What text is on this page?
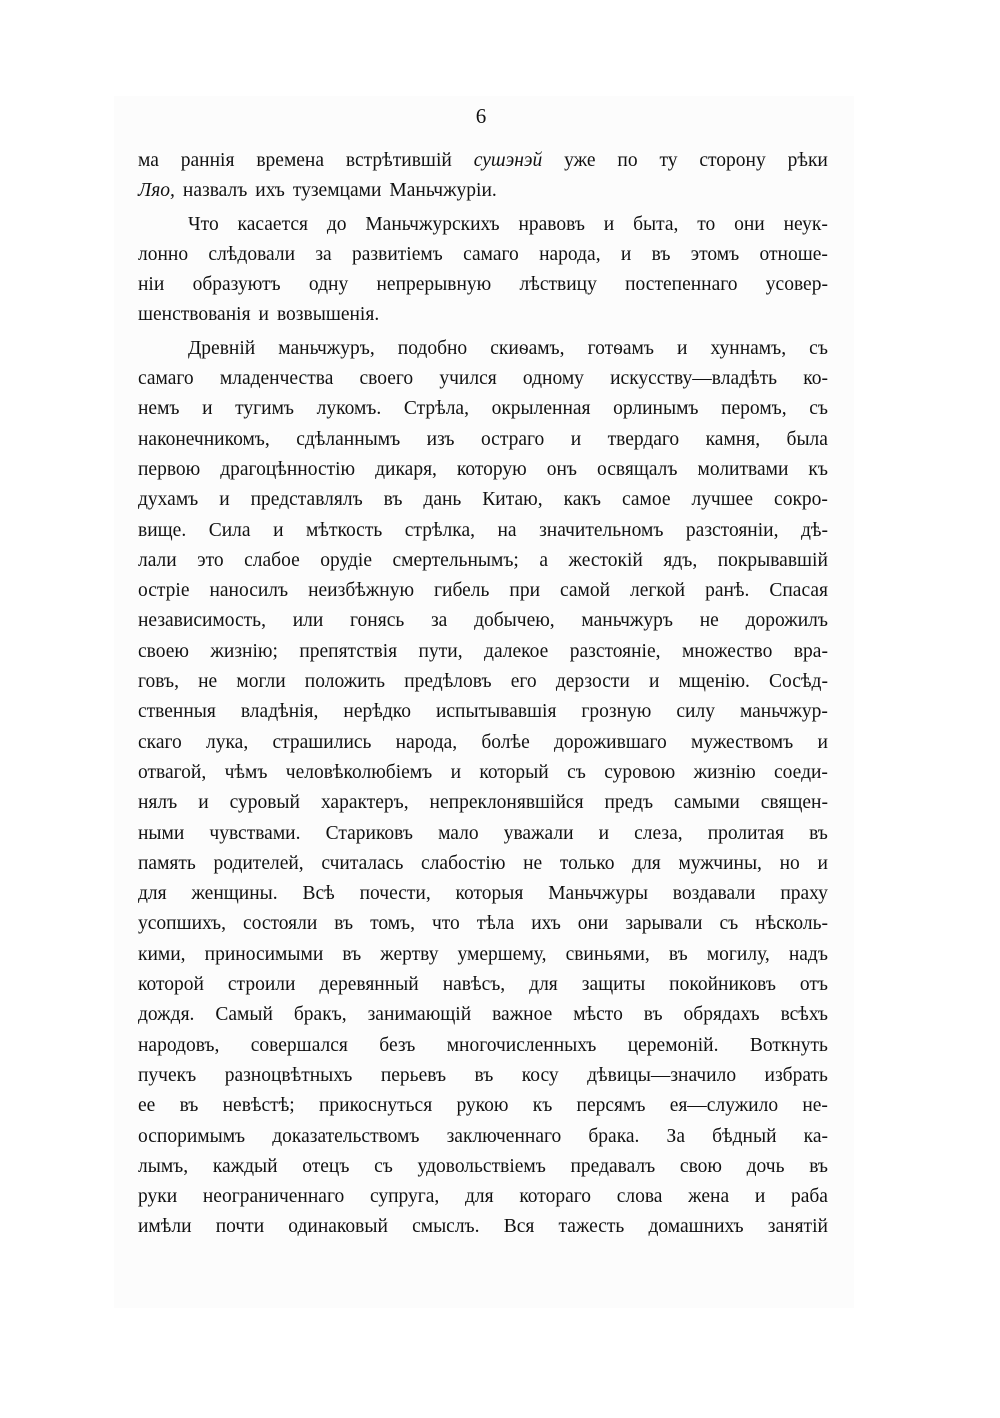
6
ма раннія времена встрѣтившій сушэнэй уже по ту сторону рѣки
Ляо, назвалъ ихъ туземцами Маньчжуріи.
Что касается до Маньчжурскихъ нравовъ и быта, то они неук-
лонно слѣдовали за развитіемъ самаго народа, и въ этомъ отноше-
ніи образуютъ одну непрерывную лѣствицу постепеннаго усовер-
шенствованія и возвышенія.
Древній маньчжуръ, подобно скиѳамъ, готѳамъ и хуннамъ, съ
самаго младенчества своего учился одному искусству—владѣть ко-
немъ и тугимъ лукомъ. Стрѣла, окрыленная орлинымъ перомъ, съ
наконечникомъ, сдѣланнымъ изъ остраго и твердаго камня, была
первою драгоцѣнностію дикаря, которую онъ освящалъ молитвами къ
духамъ и представлялъ въ дань Китаю, какъ самое лучшее сокро-
вище. Сила и мѣткость стрѣлка, на значительномъ разстояніи, дѣ-
лали это слабое орудіе смертельнымъ; а жестокій ядъ, покрывавшій
остріе наносилъ неизбѣжную гибель при самой легкой ранѣ. Спасая
независимость, или гонясь за добычею, маньчжуръ не дорожилъ
своею жизнію; препятствія пути, далекое разстояніе, множество вра-
говъ, не могли положить предѣловъ его дерзости и мщенію. Сосѣд-
ственныя владѣнія, нерѣдко испытывавшія грозную силу маньчжур-
скаго лука, страшились народа, болѣе дорожившаго мужествомъ и
отвагой, чѣмъ человѣколюбіемъ и который съ суровою жизнію соеди-
нялъ и суровый характеръ, непреклонявшійся предъ самыми священ-
ными чувствами. Стариковъ мало уважали и слеза, пролитая въ
память родителей, считалась слабостію не только для мужчины, но и
для женщины. Всѣ почести, которыя Маньчжуры воздавали праху
усопшихъ, состояли въ томъ, что тѣла ихъ они зарывали съ нѣсколь-
кими, приносимыми въ жертву умершему, свиньями, въ могилу, надъ
которой строили деревянный навѣсъ, для защиты покойниковъ отъ
дождя. Самый бракъ, занимающій важное мѣсто въ обрядахъ всѣхъ
народовъ, совершался безъ многочисленныхъ церемоній. Воткнуть
пучекъ разноцвѣтныхъ перьевъ въ косу дѣвицы—значило избрать
ее въ невѣстѣ; прикоснуться рукою къ персямъ ея—служило не-
оспоримымъ доказательствомъ заключеннаго брака. За бѣдный ка-
лымъ, каждый отецъ съ удовольствіемъ предавалъ свою дочь въ
руки неограниченнаго супруга, для котораго слова жена и раба
имѣли почти одинаковый смыслъ. Вся тажесть домашнихъ занятій
